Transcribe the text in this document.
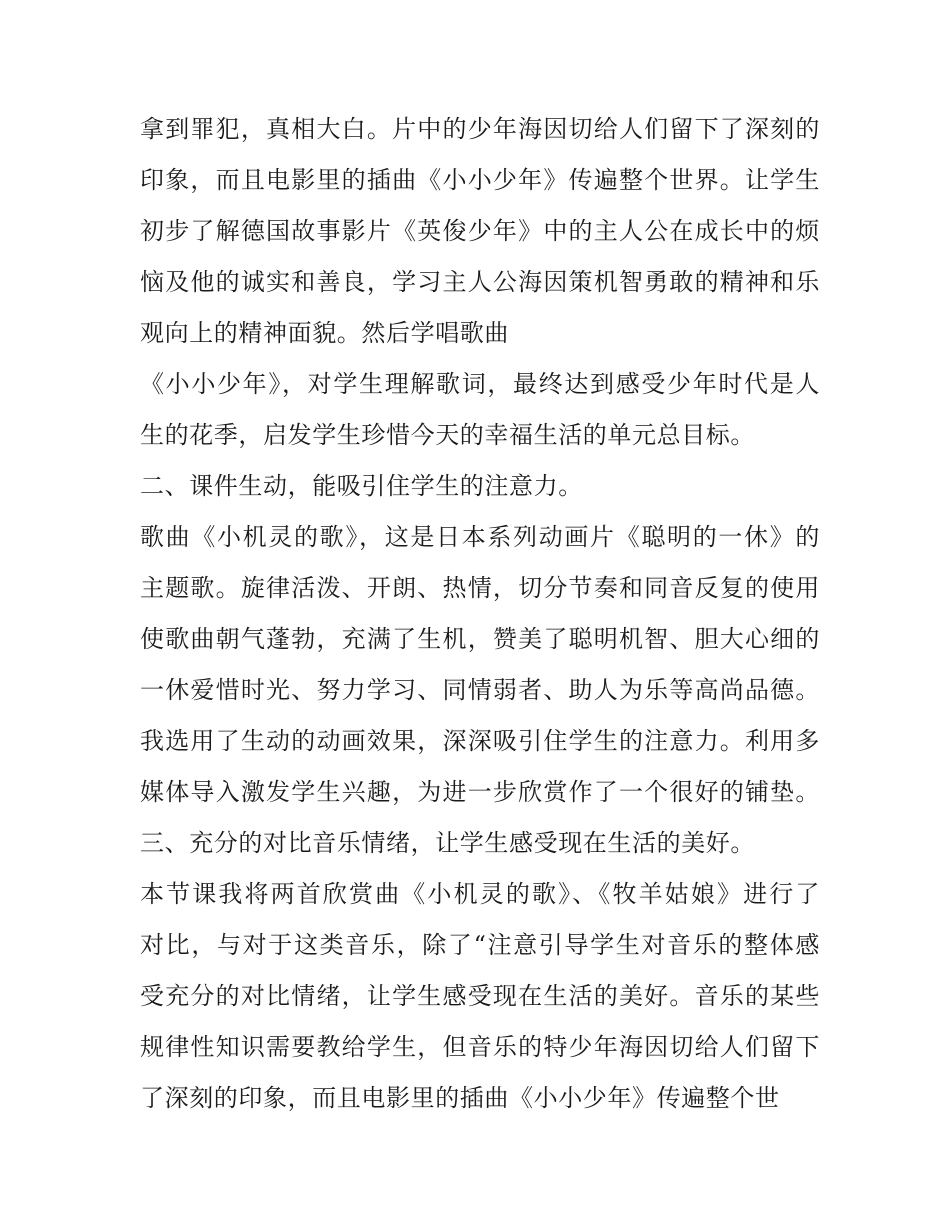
拿到罪犯，真相大白。片中的少年海因切给人们留下了深刻的
印象，而且电影里的插曲《小小少年》传遍整个世界。让学生
初步了解德国故事影片《英俊少年》中的主人公在成长中的烦
恼及他的诚实和善良，学习主人公海因策机智勇敢的精神和乐
观向上的精神面貌。然后学唱歌曲
《小小少年》，对学生理解歌词，最终达到感受少年时代是人
生的花季，启发学生珍惜今天的幸福生活的单元总目标。
二、课件生动，能吸引住学生的注意力。
歌曲《小机灵的歌》，这是日本系列动画片《聪明的一休》的
主题歌。旋律活泼、开朗、热情，切分节奏和同音反复的使用
使歌曲朝气蓬勃，充满了生机，赞美了聪明机智、胆大心细的
一休爱惜时光、努力学习、同情弱者、助人为乐等高尚品德。
我选用了生动的动画效果，深深吸引住学生的注意力。利用多
媒体导入激发学生兴趣，为进一步欣赏作了一个很好的铺垫。
三、充分的对比音乐情绪，让学生感受现在生活的美好。
本节课我将两首欣赏曲《小机灵的歌》、《牧羊姑娘》进行了
对比，与对于这类音乐，除了“注意引导学生对音乐的整体感
受充分的对比情绪，让学生感受现在生活的美好。音乐的某些
规律性知识需要教给学生，但音乐的特少年海因切给人们留下
了深刻的印象，而且电影里的插曲《小小少年》传遍整个世
